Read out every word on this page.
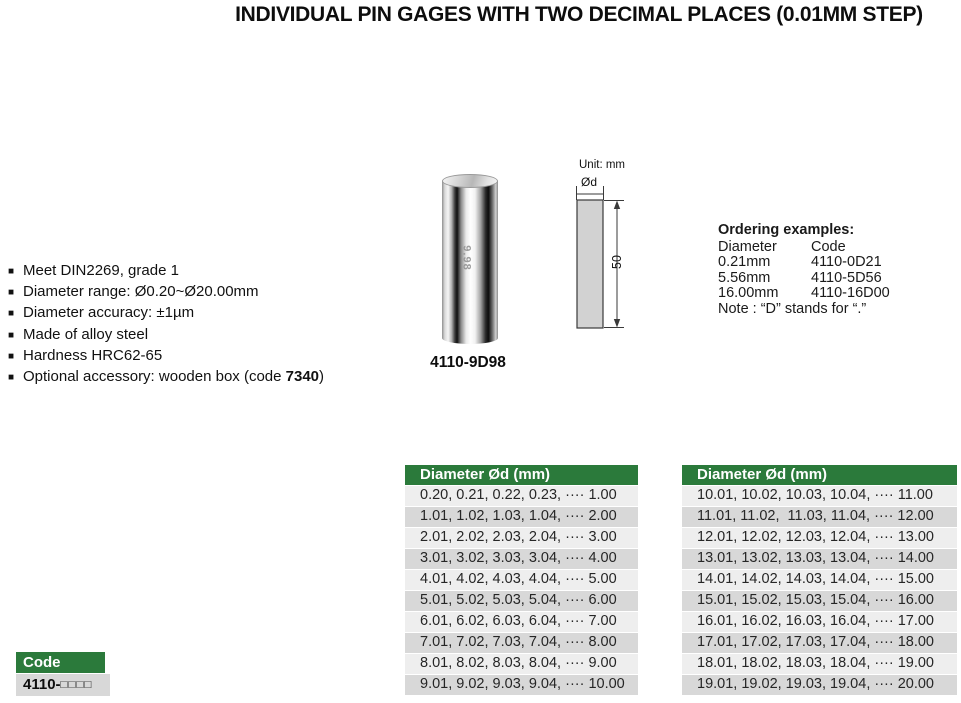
INDIVIDUAL PIN GAGES WITH TWO DECIMAL PLACES (0.01MM STEP)
■ Meet DIN2269, grade 1
■ Diameter range: Ø0.20~Ø20.00mm
■ Diameter accuracy: ±1µm
■ Made of alloy steel
■ Hardness HRC62-65
■ Optional accessory: wooden box (code 7340)
9.98
4110-9D98
Unit: mm
Ød
50
Ordering examples:
Diameter	Code
0.21mm	4110-0D21
5.56mm	4110-5D56
16.00mm	4110-16D00
Note : “D” stands for “.”
Diameter Ød (mm)
0.20, 0.21, 0.22, 0.23, ···· 1.00
1.01, 1.02, 1.03, 1.04, ···· 2.00
2.01, 2.02, 2.03, 2.04, ···· 3.00
3.01, 3.02, 3.03, 3.04, ···· 4.00
4.01, 4.02, 4.03, 4.04, ···· 5.00
5.01, 5.02, 5.03, 5.04, ···· 6.00
6.01, 6.02, 6.03, 6.04, ···· 7.00
7.01, 7.02, 7.03, 7.04, ···· 8.00
8.01, 8.02, 8.03, 8.04, ···· 9.00
9.01, 9.02, 9.03, 9.04, ···· 10.00
Diameter Ød (mm)
10.01, 10.02, 10.03, 10.04, ···· 11.00
11.01, 11.02,  11.03, 11.04, ···· 12.00
12.01, 12.02, 12.03, 12.04, ···· 13.00
13.01, 13.02, 13.03, 13.04, ···· 14.00
14.01, 14.02, 14.03, 14.04, ···· 15.00
15.01, 15.02, 15.03, 15.04, ···· 16.00
16.01, 16.02, 16.03, 16.04, ···· 17.00
17.01, 17.02, 17.03, 17.04, ···· 18.00
18.01, 18.02, 18.03, 18.04, ···· 19.00
19.01, 19.02, 19.03, 19.04, ···· 20.00
Code
4110-□□□□
